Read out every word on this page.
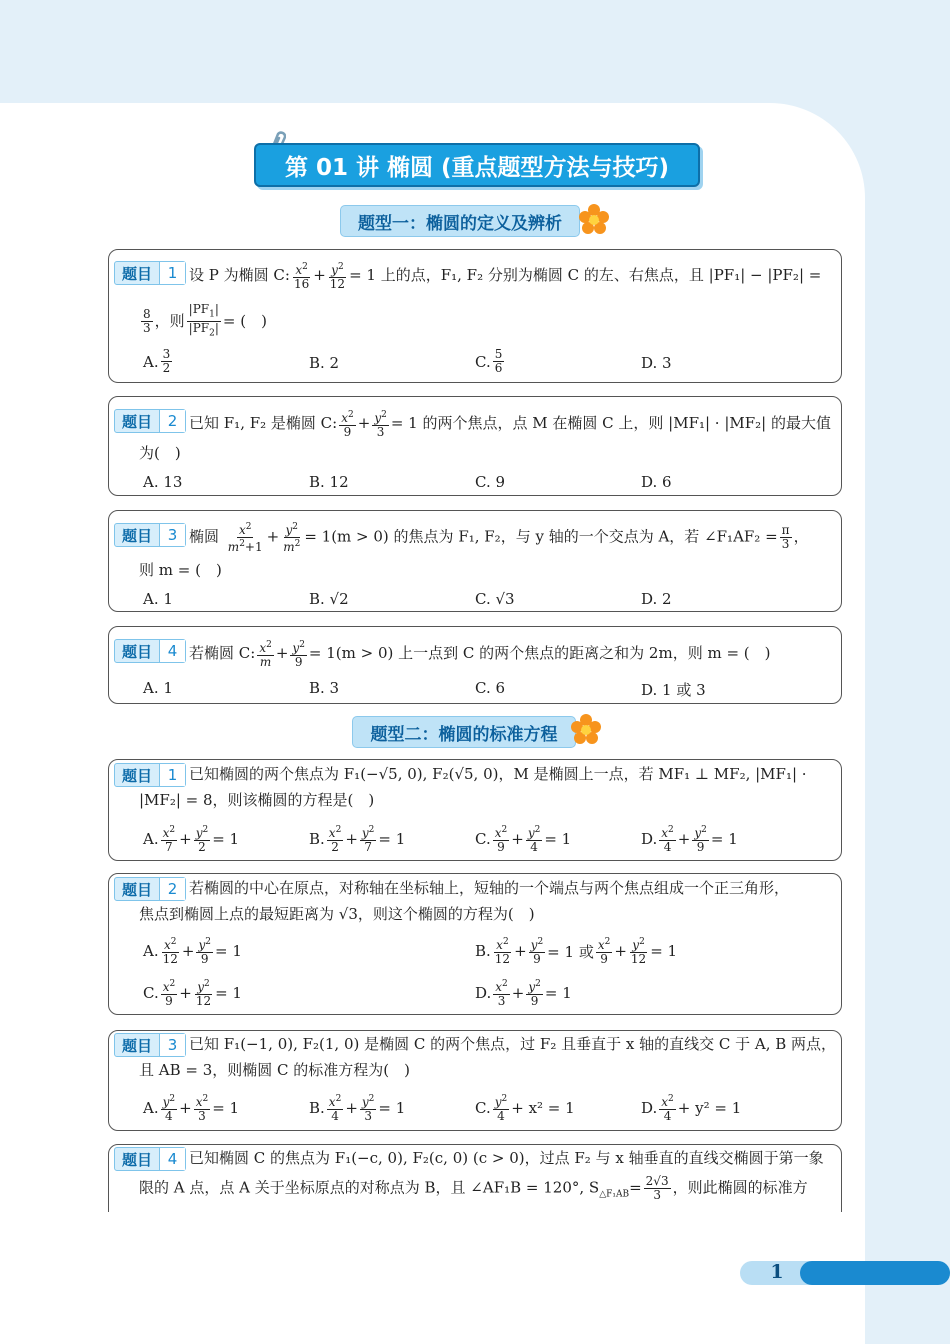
第 01 讲 椭圆 (重点题型方法与技巧)
题型一：椭圆的定义及辨析
题目	1 设 P 为椭圆 C: $\frac{x^2}{16} + \frac{y^2}{12} = 1$ 上的点，F₁, F₂ 分别为椭圆 C 的左、右焦点，且 |PF₁| − |PF₂| =
$\frac{8}{3}$ ，则 $\frac{|PF_1|}{|PF_2|}$ = (　)
A. $\frac{3}{2}$	B. 2	C. $\frac{5}{6}$	D. 3
题目	2 已知 F₁, F₂ 是椭圆 C: $\frac{x^2}{9} + \frac{y^2}{3} = 1$ 的两个焦点，点 M 在椭圆 C 上，则 |MF₁| · |MF₂| 的最大值
为(　)
A. 13	B. 12	C. 9	D. 6
题目	3 椭圆 $\frac{x^2}{m^2+1} + \frac{y^2}{m^2} = 1(m > 0)$ 的焦点为 F₁, F₂，与 y 轴的一个交点为 A，若 ∠F₁AF₂ = $\frac{\pi}{3}$ ，
则 m = (　)
A. 1	B. √2	C. √3	D. 2
题目	4 若椭圆 C: $\frac{x^2}{m} + \frac{y^2}{9} = 1(m > 0)$ 上一点到 C 的两个焦点的距离之和为 2m，则 m = (　)
A. 1	B. 3	C. 6	D. 1 或 3
题型二：椭圆的标准方程
题目	1 已知椭圆的两个焦点为 F₁(−√5, 0), F₂(√5, 0)，M 是椭圆上一点，若 MF₁ ⊥ MF₂, |MF₁| ·
|MF₂| = 8，则该椭圆的方程是(　)
A. $\frac{x^2}{7} + \frac{y^2}{2} = 1$	B. $\frac{x^2}{2} + \frac{y^2}{7} = 1$	C. $\frac{x^2}{9} + \frac{y^2}{4} = 1$	D. $\frac{x^2}{4} + \frac{y^2}{9} = 1$
题目	2 若椭圆的中心在原点，对称轴在坐标轴上，短轴的一个端点与两个焦点组成一个正三角形，
焦点到椭圆上点的最短距离为 √3，则这个椭圆的方程为(　)
A. $\frac{x^2}{12} + \frac{y^2}{9} = 1$	B. $\frac{x^2}{12} + \frac{y^2}{9} = 1$ 或 $\frac{x^2}{9} + \frac{y^2}{12} = 1$
C. $\frac{x^2}{9} + \frac{y^2}{12} = 1$	D. $\frac{x^2}{3} + \frac{y^2}{9} = 1$
题目	3 已知 F₁(−1, 0), F₂(1, 0) 是椭圆 C 的两个焦点，过 F₂ 且垂直于 x 轴的直线交 C 于 A, B 两点，
且 AB = 3，则椭圆 C 的标准方程为(　)
A. $\frac{y^2}{4} + \frac{x^2}{3} = 1$	B. $\frac{x^2}{4} + \frac{y^2}{3} = 1$	C. $\frac{y^2}{4} + x^2 = 1$	D. $\frac{x^2}{4} + y^2 = 1$
题目	4 已知椭圆 C 的焦点为 F₁(−c, 0), F₂(c, 0) (c > 0)，过点 F₂ 与 x 轴垂直的直线交椭圆于第一象
限的 A 点，点 A 关于坐标原点的对称点为 B，且 ∠AF₁B = 120°, $S_{\triangle F_1AB}= \frac{2√3}{3}$ ，则此椭圆的标准方
1
